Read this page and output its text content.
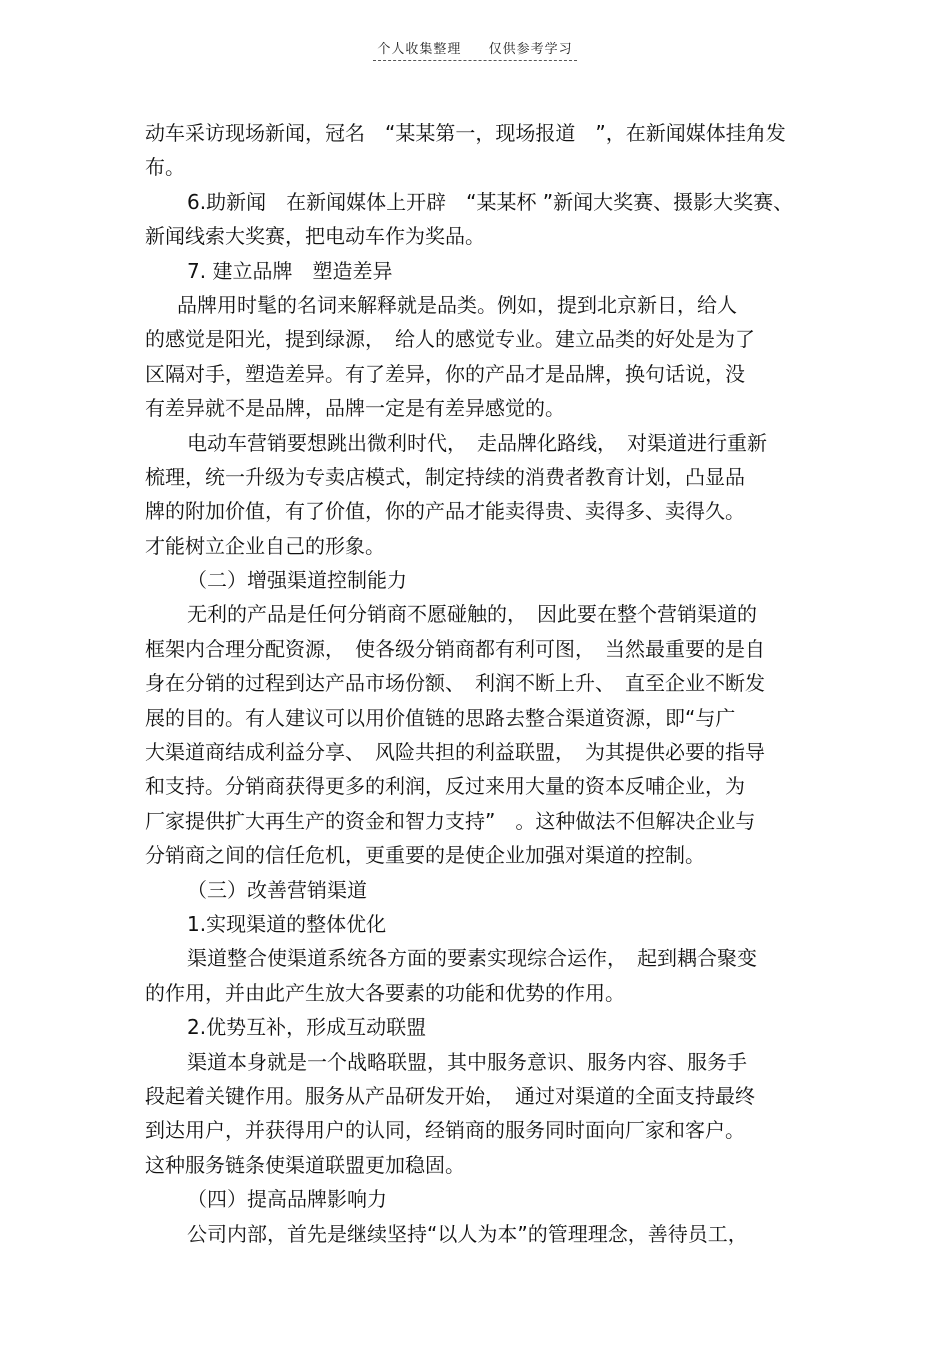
个人收集整理 仅供参考学习
动车采访现场新闻，冠名　“某某第一，现场报道　”，在新闻媒体挂角发
布。
6.助新闻　在新闻媒体上开辟　“某某杯 ”新闻大奖赛、摄影大奖赛、
新闻线索大奖赛，把电动车作为奖品。
7. 建立品牌　塑造差异
品牌用时髦的名词来解释就是品类。例如，提到北京新日，给人
的感觉是阳光，提到绿源，　给人的感觉专业。建立品类的好处是为了
区隔对手，塑造差异。有了差异，你的产品才是品牌，换句话说，没
有差异就不是品牌，品牌一定是有差异感觉的。
电动车营销要想跳出微利时代，　走品牌化路线，　对渠道进行重新
梳理，统一升级为专卖店模式，制定持续的消费者教育计划，凸显品
牌的附加价值，有了价值，你的产品才能卖得贵、卖得多、卖得久。
才能树立企业自己的形象。
（二）增强渠道控制能力
无利的产品是任何分销商不愿碰触的，　因此要在整个营销渠道的
框架内合理分配资源，　使各级分销商都有利可图，　当然最重要的是自
身在分销的过程到达产品市场份额、　利润不断上升、　直至企业不断发
展的目的。有人建议可以用价值链的思路去整合渠道资源，即“与广
大渠道商结成利益分享、　风险共担的利益联盟，　为其提供必要的指导
和支持。分销商获得更多的利润，反过来用大量的资本反哺企业，为
厂家提供扩大再生产的资金和智力支持”　。这种做法不但解决企业与
分销商之间的信任危机，更重要的是使企业加强对渠道的控制。
（三）改善营销渠道
1.实现渠道的整体优化
渠道整合使渠道系统各方面的要素实现综合运作，　起到耦合聚变
的作用，并由此产生放大各要素的功能和优势的作用。
2.优势互补，形成互动联盟
渠道本身就是一个战略联盟，其中服务意识、服务内容、服务手
段起着关键作用。服务从产品研发开始，　通过对渠道的全面支持最终
到达用户，并获得用户的认同，经销商的服务同时面向厂家和客户。
这种服务链条使渠道联盟更加稳固。
（四）提高品牌影响力
公司内部，首先是继续坚持“以人为本”的管理理念，善待员工，
